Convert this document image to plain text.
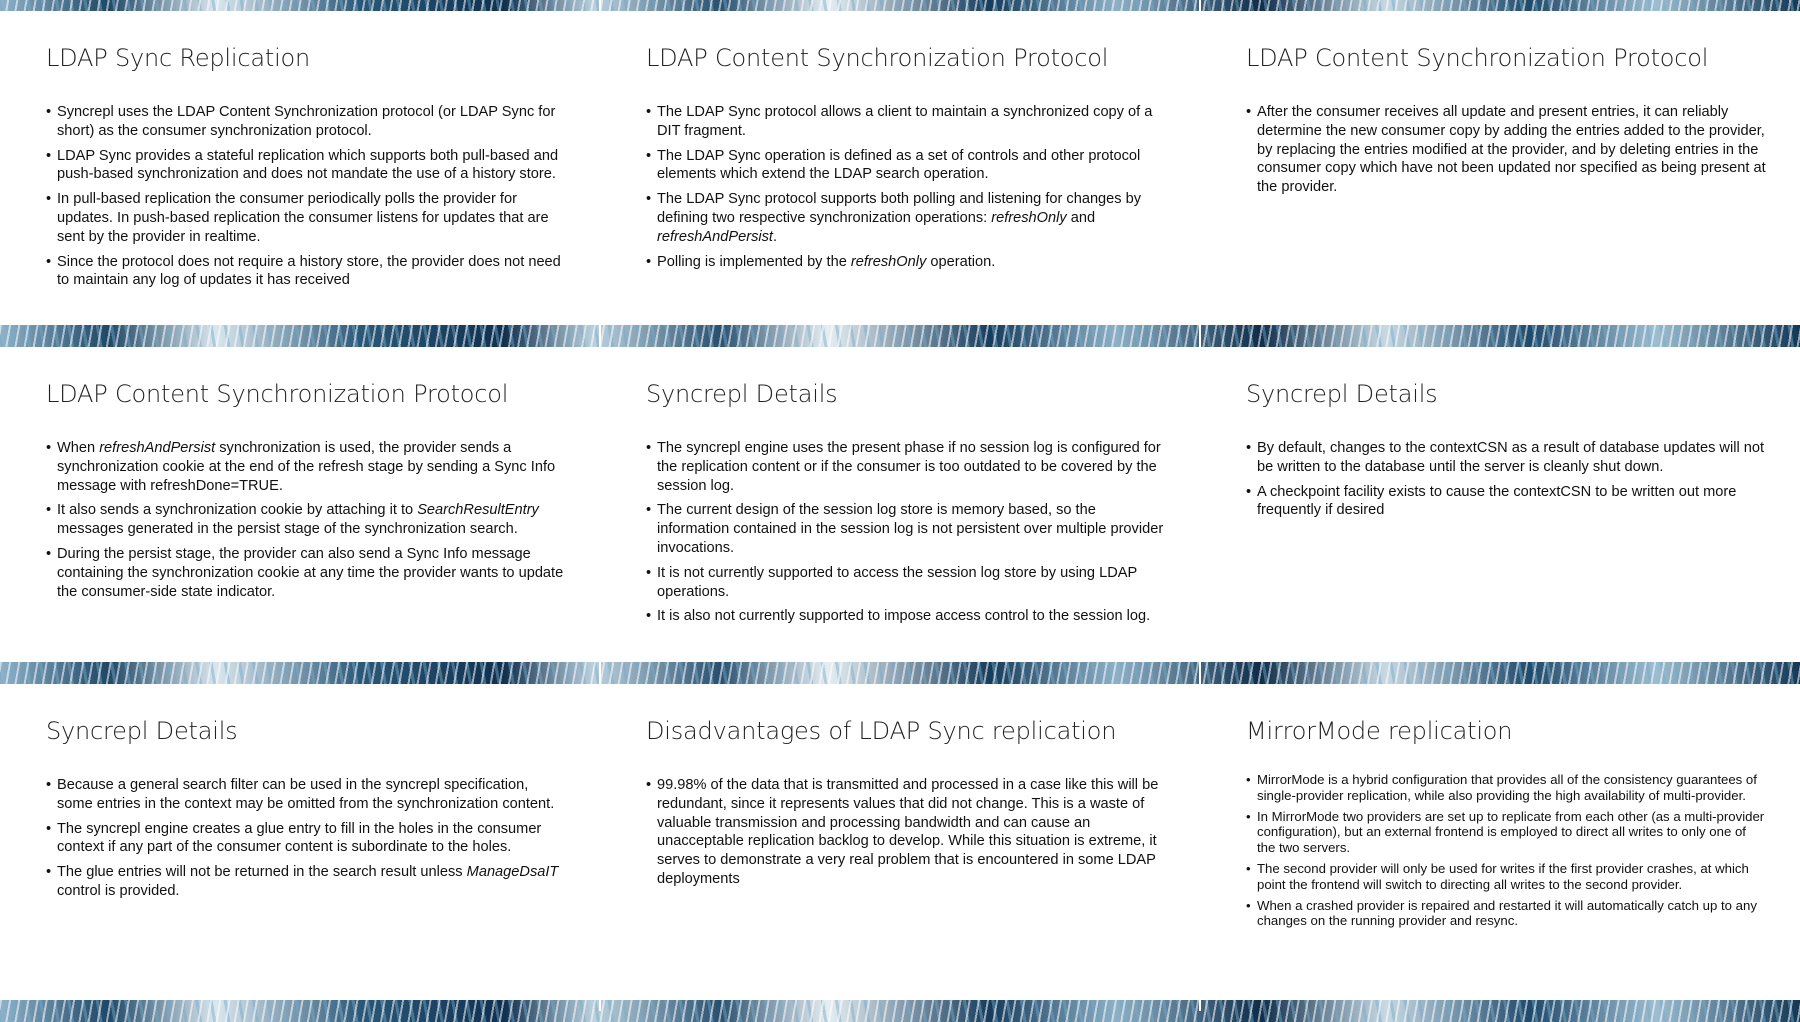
LDAP Sync Replication
• Syncrepl uses the LDAP Content Synchronization protocol (or LDAP Sync for short) as the consumer synchronization protocol.
• LDAP Sync provides a stateful replication which supports both pull-based and push-based synchronization and does not mandate the use of a history store.
• In pull-based replication the consumer periodically polls the provider for updates. In push-based replication the consumer listens for updates that are sent by the provider in realtime.
• Since the protocol does not require a history store, the provider does not need to maintain any log of updates it has received
LDAP Content Synchronization Protocol
• The LDAP Sync protocol allows a client to maintain a synchronized copy of a DIT fragment.
• The LDAP Sync operation is defined as a set of controls and other protocol elements which extend the LDAP search operation.
• The LDAP Sync protocol supports both polling and listening for changes by defining two respective synchronization operations: refreshOnly and refreshAndPersist.
• Polling is implemented by the refreshOnly operation.
LDAP Content Synchronization Protocol
• After the consumer receives all update and present entries, it can reliably determine the new consumer copy by adding the entries added to the provider, by replacing the entries modified at the provider, and by deleting entries in the consumer copy which have not been updated nor specified as being present at the provider.
LDAP Content Synchronization Protocol
• When refreshAndPersist synchronization is used, the provider sends a synchronization cookie at the end of the refresh stage by sending a Sync Info message with refreshDone=TRUE.
• It also sends a synchronization cookie by attaching it to SearchResultEntry messages generated in the persist stage of the synchronization search.
• During the persist stage, the provider can also send a Sync Info message containing the synchronization cookie at any time the provider wants to update the consumer-side state indicator.
Syncrepl Details
• The syncrepl engine uses the present phase if no session log is configured for the replication content or if the consumer is too outdated to be covered by the session log.
• The current design of the session log store is memory based, so the information contained in the session log is not persistent over multiple provider invocations.
• It is not currently supported to access the session log store by using LDAP operations.
• It is also not currently supported to impose access control to the session log.
Syncrepl Details
• By default, changes to the contextCSN as a result of database updates will not be written to the database until the server is cleanly shut down.
• A checkpoint facility exists to cause the contextCSN to be written out more frequently if desired
Syncrepl Details
• Because a general search filter can be used in the syncrepl specification, some entries in the context may be omitted from the synchronization content.
• The syncrepl engine creates a glue entry to fill in the holes in the consumer context if any part of the consumer content is subordinate to the holes.
• The glue entries will not be returned in the search result unless ManageDsaIT control is provided.
Disadvantages of LDAP Sync replication
• 99.98% of the data that is transmitted and processed in a case like this will be redundant, since it represents values that did not change. This is a waste of valuable transmission and processing bandwidth and can cause an unacceptable replication backlog to develop. While this situation is extreme, it serves to demonstrate a very real problem that is encountered in some LDAP deployments
MirrorMode replication
• MirrorMode is a hybrid configuration that provides all of the consistency guarantees of single-provider replication, while also providing the high availability of multi-provider.
• In MirrorMode two providers are set up to replicate from each other (as a multi-provider configuration), but an external frontend is employed to direct all writes to only one of the two servers.
• The second provider will only be used for writes if the first provider crashes, at which point the frontend will switch to directing all writes to the second provider.
• When a crashed provider is repaired and restarted it will automatically catch up to any changes on the running provider and resync.
